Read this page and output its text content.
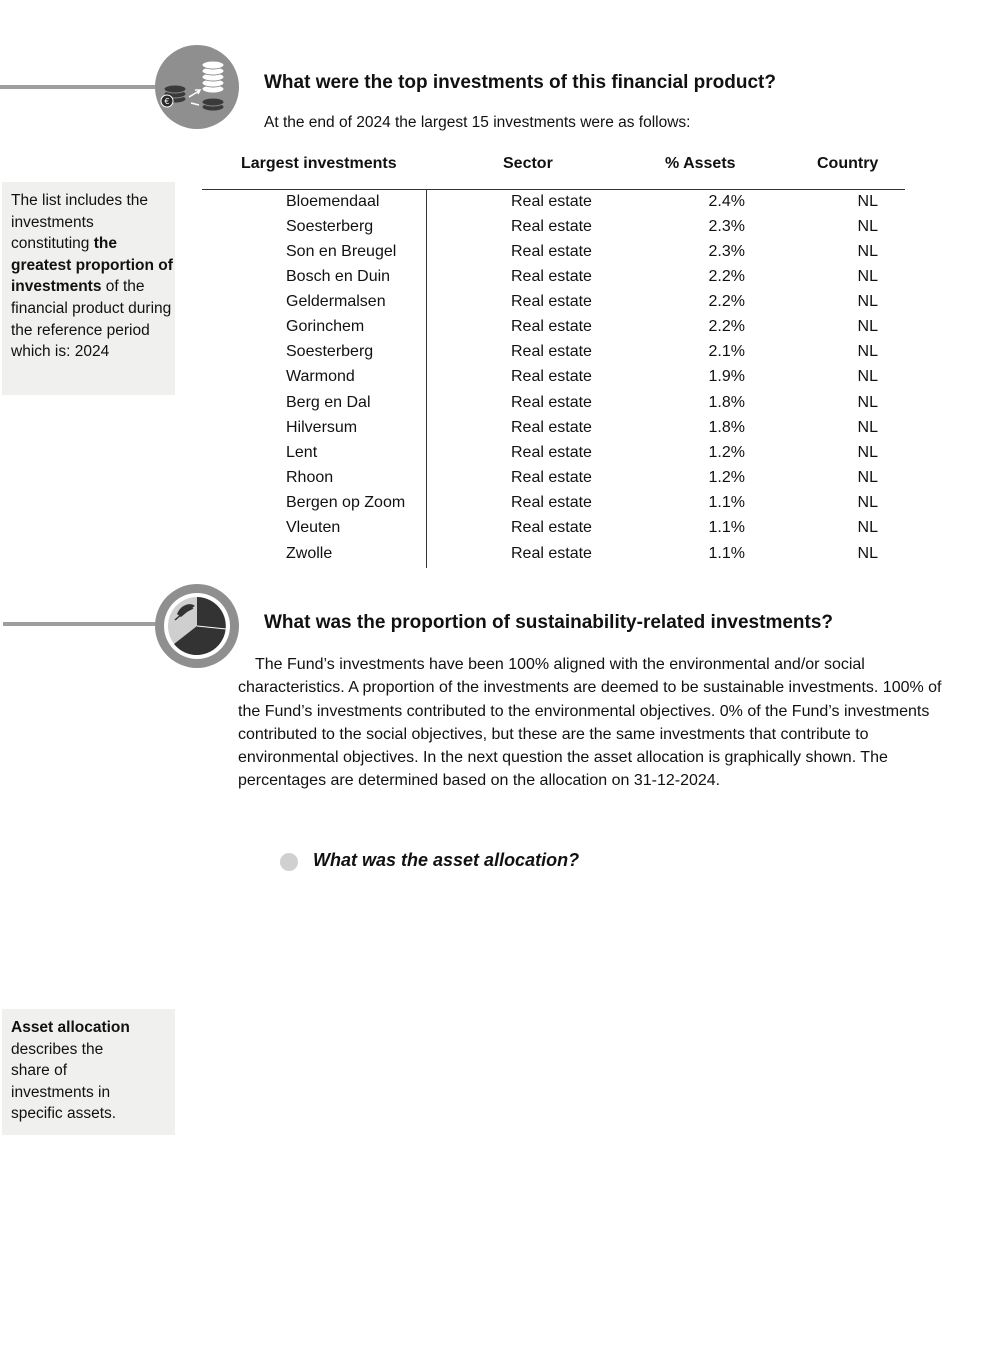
€
What were the top investments of this financial product?
At the end of 2024 the largest 15 investments were as follows:
The list includes the investments constituting the greatest proportion of investments of the financial product during the reference period which is: 2024
Largest investments	Sector	% Assets	Country
Bloemendaal	Real estate	2.4%	NL
Soesterberg	Real estate	2.3%	NL
Son en Breugel	Real estate	2.3%	NL
Bosch en Duin	Real estate	2.2%	NL
Geldermalsen	Real estate	2.2%	NL
Gorinchem	Real estate	2.2%	NL
Soesterberg	Real estate	2.1%	NL
Warmond	Real estate	1.9%	NL
Berg en Dal	Real estate	1.8%	NL
Hilversum	Real estate	1.8%	NL
Lent	Real estate	1.2%	NL
Rhoon	Real estate	1.2%	NL
Bergen op Zoom	Real estate	1.1%	NL
Vleuten	Real estate	1.1%	NL
Zwolle	Real estate	1.1%	NL
What was the proportion of sustainability-related investments?

The Fund’s investments have been 100% aligned with the environmental and/or social characteristics. A proportion of the investments are deemed to be sustainable investments. 100% of the Fund’s investments contributed to the environmental objectives. 0% of the Fund’s investments contributed to the social objectives, but these are the same investments that contribute to environmental objectives. In the next question the asset allocation is graphically shown. The percentages are determined based on the allocation on 31-12-2024.

What was the asset allocation?
Asset allocation describes the share of investments in specific assets.
